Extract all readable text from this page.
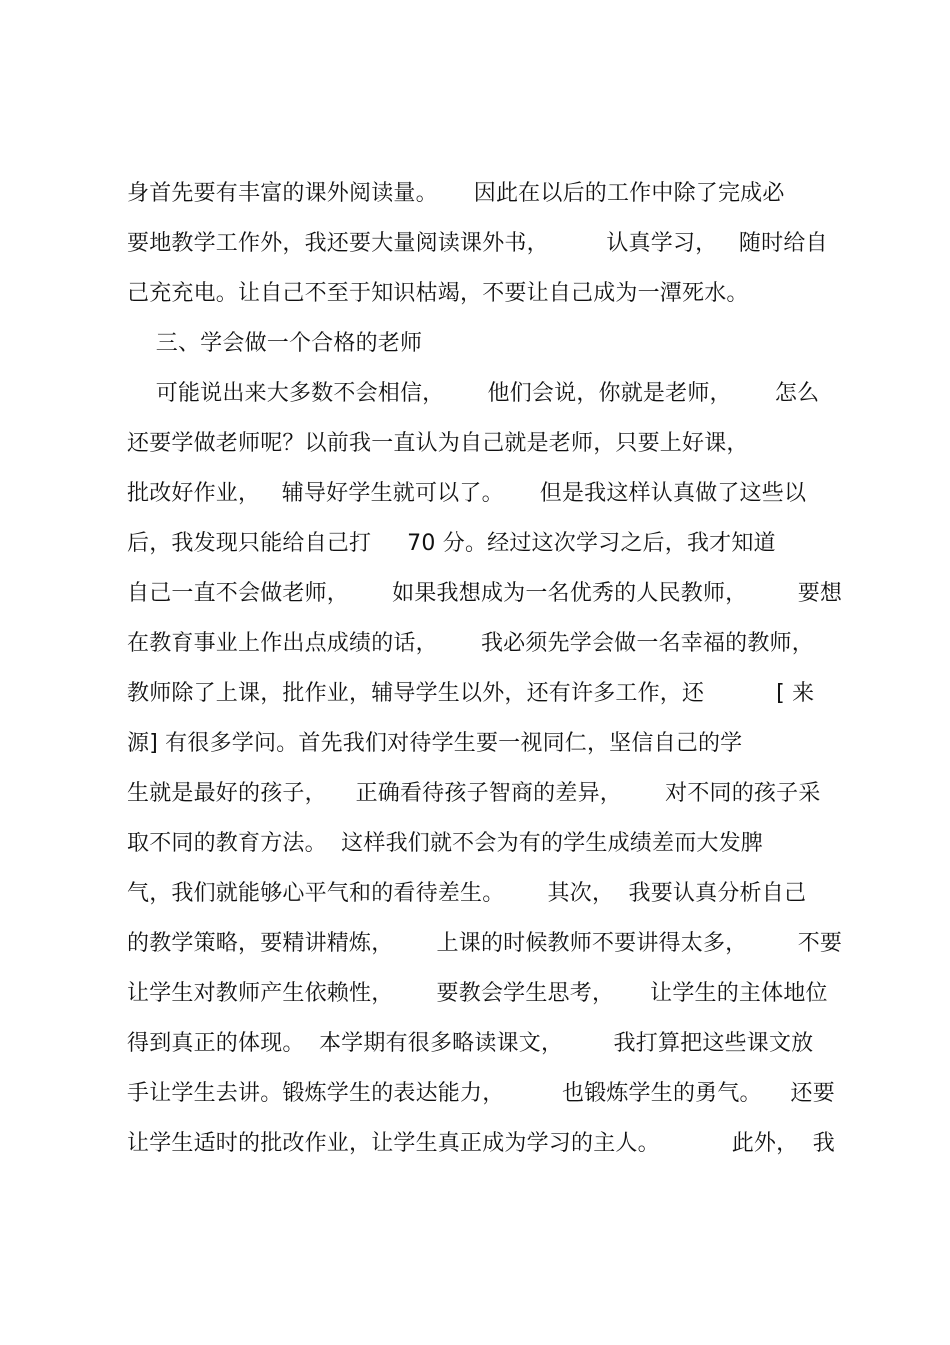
身首先要有丰富的课外阅读量。     因此在以后的工作中除了完成必
要地教学工作外，我还要大量阅读课外书，        认真学习，   随时给自
己充充电。让自己不至于知识枯竭，不要让自己成为一潭死水。
三、学会做一个合格的老师
可能说出来大多数不会相信，      他们会说，你就是老师，      怎么
还要学做老师呢？以前我一直认为自己就是老师，只要上好课，
批改好作业，   辅导好学生就可以了。     但是我这样认真做了这些以
后，我发现只能给自己打     70 分。经过这次学习之后，我才知道
自己一直不会做老师，      如果我想成为一名优秀的人民教师，       要想
在教育事业上作出点成绩的话，      我必须先学会做一名幸福的教师，
教师除了上课，批作业，辅导学生以外，还有许多工作，还          [ 来
源] 有很多学问。首先我们对待学生要一视同仁，坚信自己的学
生就是最好的孩子，    正确看待孩子智商的差异，      对不同的孩子采
取不同的教育方法。  这样我们就不会为有的学生成绩差而大发脾
气，我们就能够心平气和的看待差生。      其次，  我要认真分析自己
的教学策略，要精讲精炼，      上课的时候教师不要讲得太多，       不要
让学生对教师产生依赖性，      要教会学生思考，     让学生的主体地位
得到真正的体现。  本学期有很多略读课文，       我打算把这些课文放
手让学生去讲。锻炼学生的表达能力，        也锻炼学生的勇气。    还要
让学生适时的批改作业，让学生真正成为学习的主人。          此外，  我
